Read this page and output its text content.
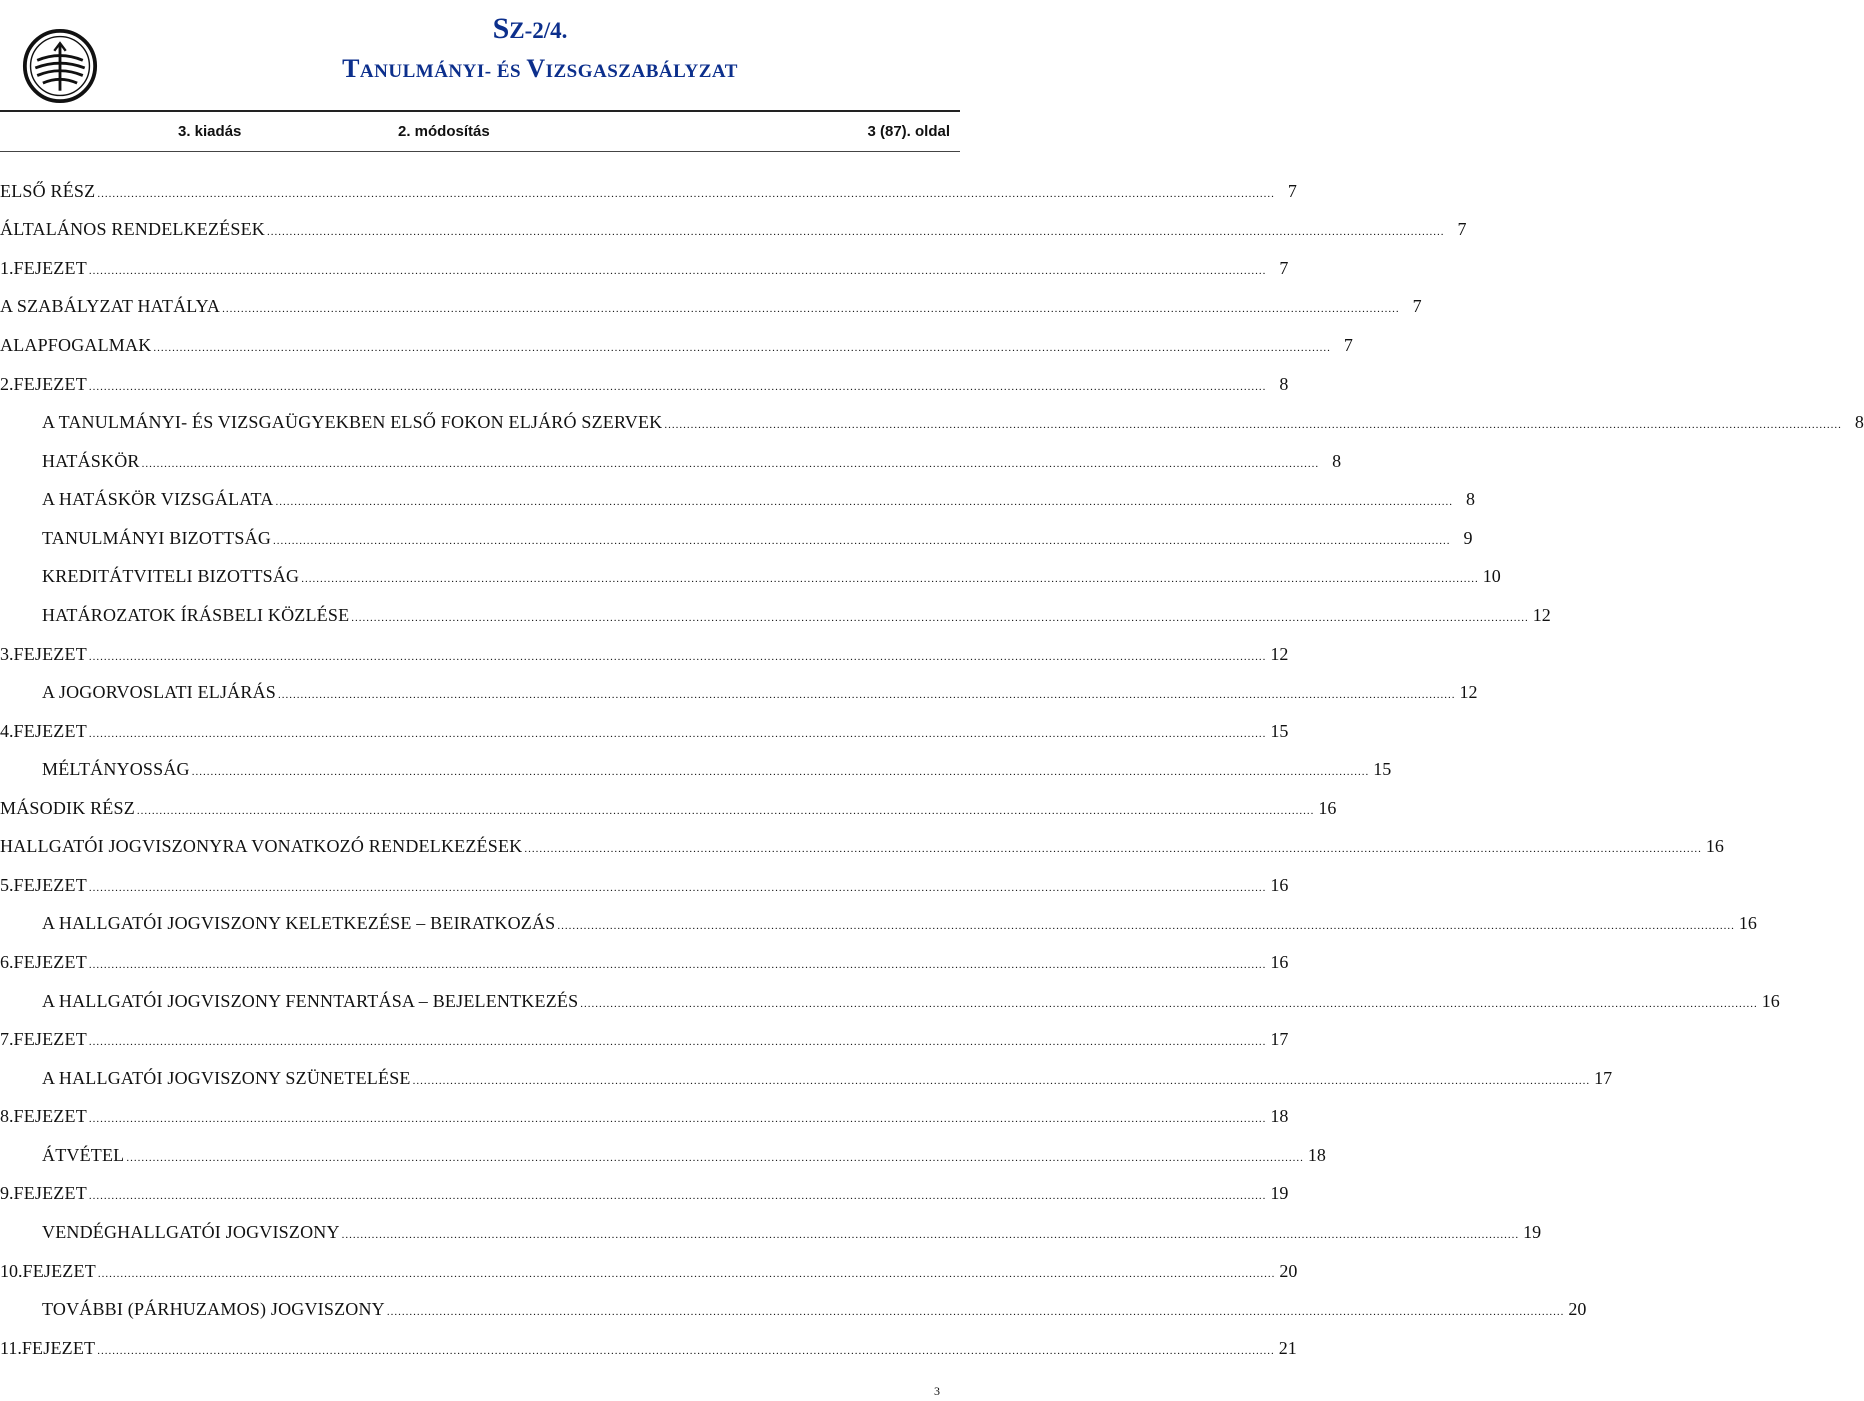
SZ-2/4.
TANULMÁNYI- ÉS VIZSGASZABÁLYZAT
3. kiadás	2. módosítás	3 (87). oldal
ELSŐ RÉSZ .....	7
ÁLTALÁNOS RENDELKEZÉSEK .....	7
1. FEJEZET .....	7
A SZABÁLYZAT HATÁLYA .....	7
ALAPFOGALMAK .....	7
2. FEJEZET .....	8
A TANULMÁNYI- ÉS VIZSGAÜGYEKBEN ELSŐ FOKON ELJÁRÓ SZERVEK .....	8
HATÁSKÖR .....	8
A HATÁSKÖR VIZSGÁLATA .....	8
TANULMÁNYI BIZOTTSÁG .....	9
KREDITÁTVITELI BIZOTTSÁG .....	10
HATÁROZATOK ÍRÁSBELI KÖZLÉSE .....	12
3. FEJEZET .....	12
A JOGORVOSLATI ELJÁRÁS .....	12
4. FEJEZET .....	15
MÉLTÁNYOSSÁG .....	15
MÁSODIK RÉSZ .....	16
HALLGATÓI JOGVISZONYRA VONATKOZÓ RENDELKEZÉSEK .....	16
5. FEJEZET .....	16
A HALLGATÓI JOGVISZONY KELETKEZÉSE – BEIRATKOZÁS .....	16
6. FEJEZET .....	16
A HALLGATÓI JOGVISZONY FENNTARTÁSA – BEJELENTKEZÉS .....	16
7. FEJEZET .....	17
A HALLGATÓI JOGVISZONY SZÜNETELÉSE .....	17
8. FEJEZET .....	18
ÁTVÉTEL .....	18
9. FEJEZET .....	19
VENDÉGHALLGATÓI JOGVISZONY .....	19
10. FEJEZET .....	20
TOVÁBBI (PÁRHUZAMOS) JOGVISZONY .....	20
11. FEJEZET .....	21
3
